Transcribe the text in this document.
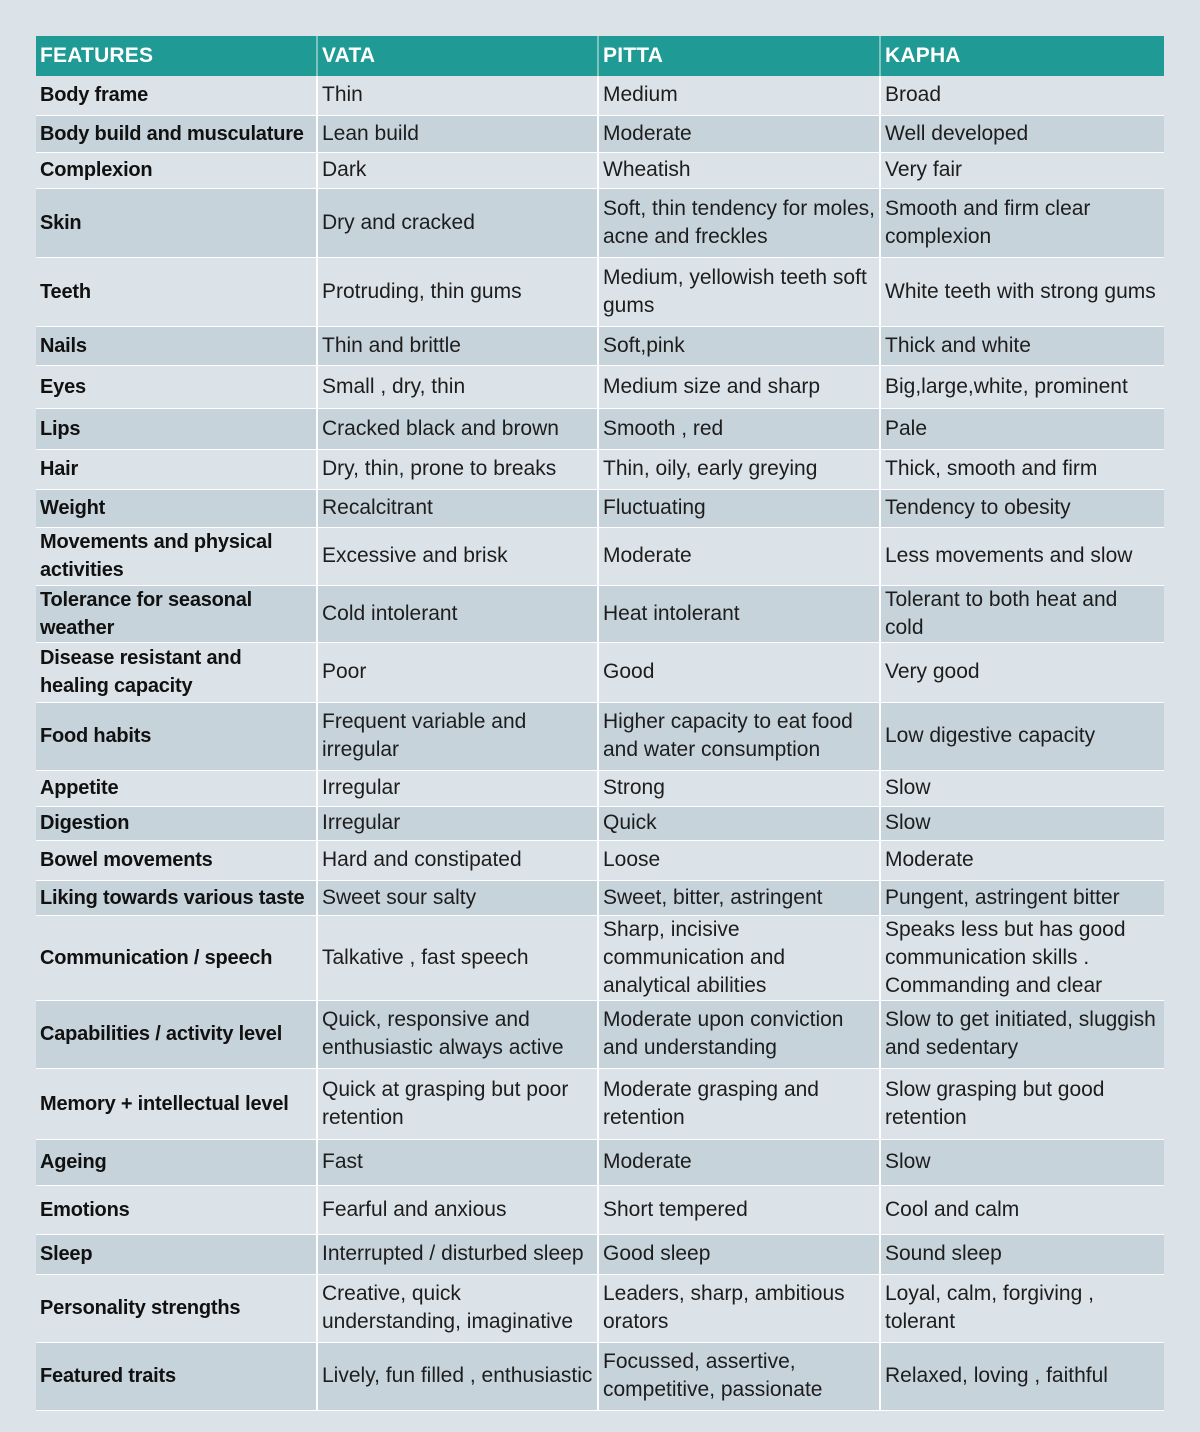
FEATURES	VATA	PITTA	KAPHA
Body frame	Thin	Medium	Broad
Body build and musculature	Lean build	Moderate	Well developed
Complexion	Dark	Wheatish	Very fair
Skin	Dry and cracked	Soft, thin tendency for moles, acne and freckles	Smooth and firm clear complexion
Teeth	Protruding, thin gums	Medium, yellowish teeth soft gums	White teeth with strong gums
Nails	Thin and brittle	Soft,pink	Thick and white
Eyes	Small , dry, thin	Medium size and sharp	Big,large,white, prominent
Lips	Cracked black and brown	Smooth , red	Pale
Hair	Dry, thin, prone to breaks	Thin, oily, early greying	Thick, smooth and firm
Weight	Recalcitrant	Fluctuating	Tendency to obesity
Movements and physical activities	Excessive and brisk	Moderate	Less movements and slow
Tolerance for seasonal weather	Cold intolerant	Heat intolerant	Tolerant to both heat and cold
Disease resistant and healing capacity	Poor	Good	Very good
Food habits	Frequent variable and irregular	Higher capacity to eat food and water consumption	Low digestive capacity
Appetite	Irregular	Strong	Slow
Digestion	Irregular	Quick	Slow
Bowel movements	Hard and constipated	Loose	Moderate
Liking towards various taste	Sweet sour salty	Sweet, bitter, astringent	Pungent, astringent bitter
Communication / speech	Talkative , fast speech	Sharp, incisive communication and analytical abilities	Speaks less but has good communication skills . Commanding and clear
Capabilities / activity level	Quick, responsive and enthusiastic always active	Moderate upon conviction and understanding	Slow to get initiated, sluggish and sedentary
Memory + intellectual level	Quick at grasping but poor retention	Moderate grasping and retention	Slow grasping but good retention
Ageing	Fast	Moderate	Slow
Emotions	Fearful and anxious	Short tempered	Cool and calm
Sleep	Interrupted / disturbed sleep	Good sleep	Sound sleep
Personality strengths	Creative, quick understanding, imaginative	Leaders, sharp, ambitious orators	Loyal, calm, forgiving , tolerant
Featured traits	Lively, fun filled , enthusiastic	Focussed, assertive, competitive, passionate	Relaxed, loving , faithful
